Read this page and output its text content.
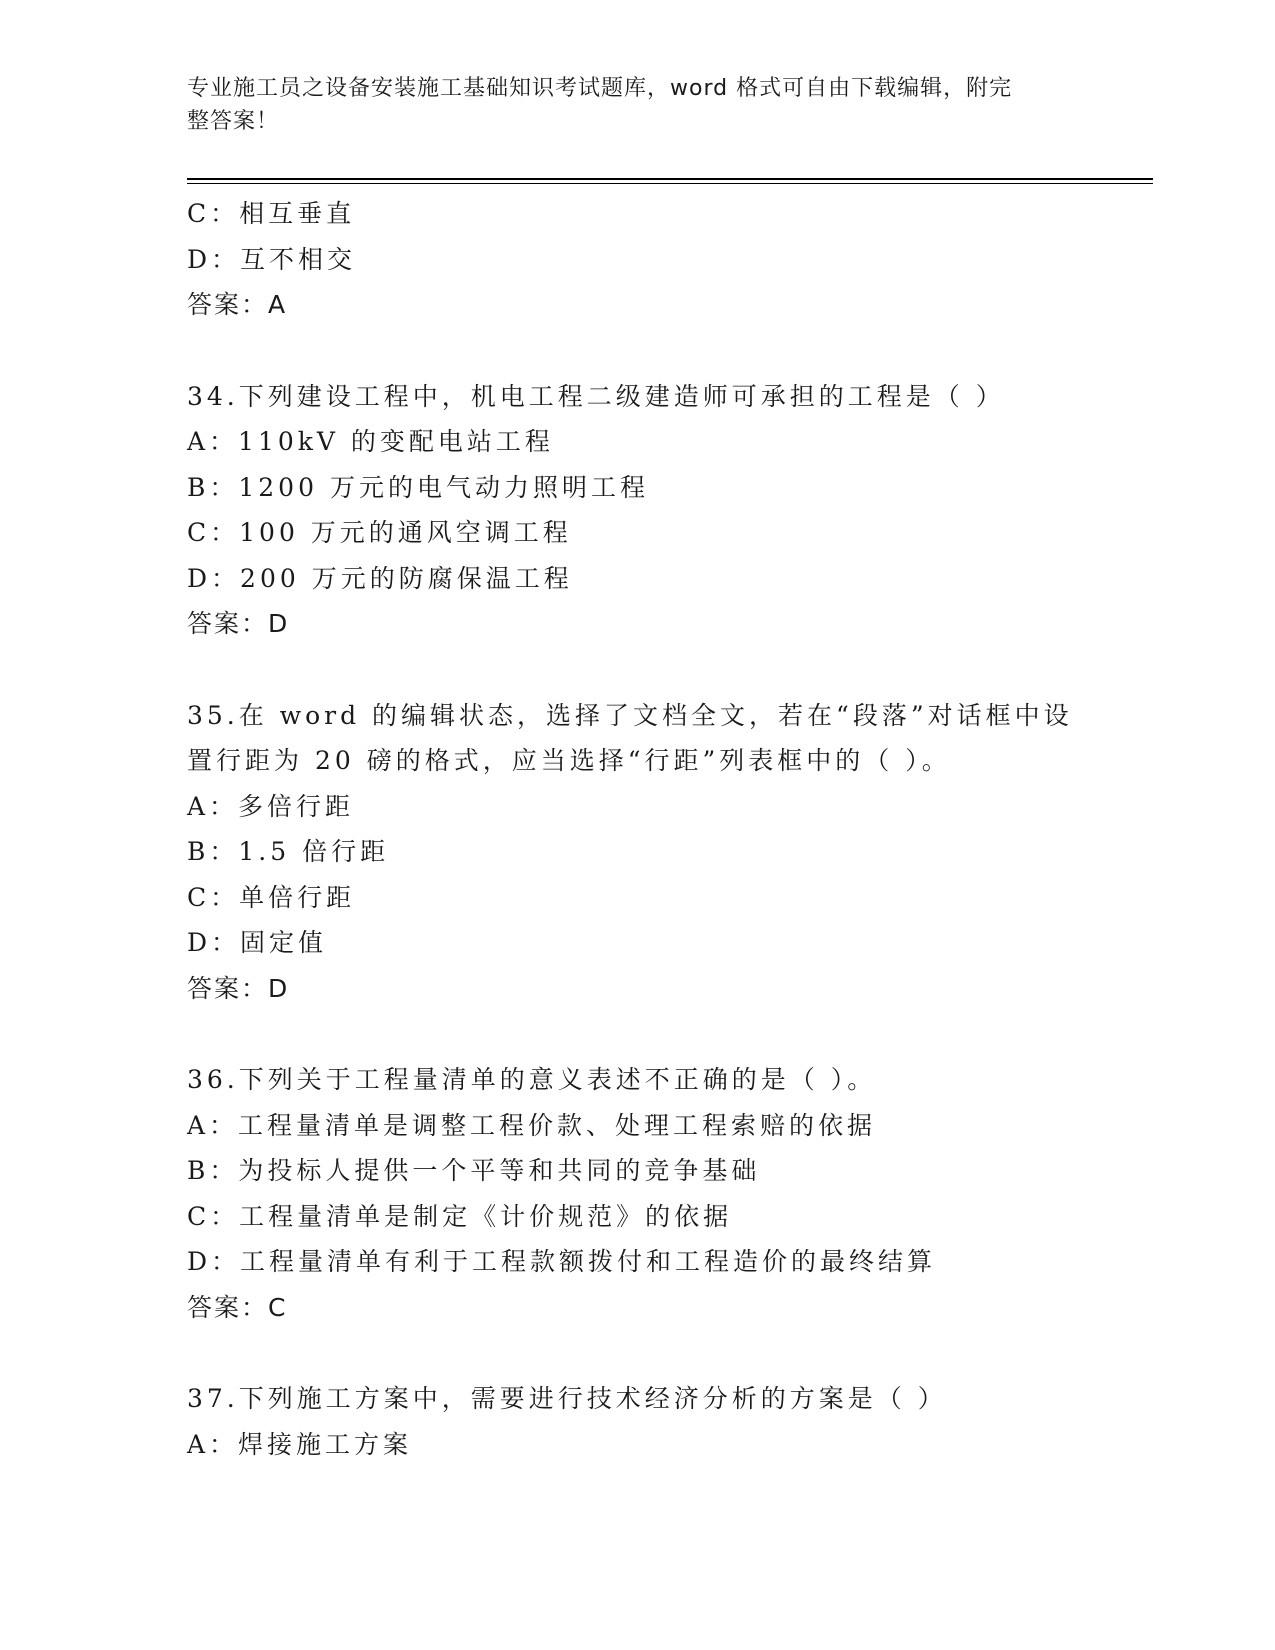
专业施工员之设备安装施工基础知识考试题库，word 格式可自由下载编辑，附完
整答案！
C：相互垂直
D：互不相交
答案：A
34.下列建设工程中，机电工程二级建造师可承担的工程是（ ）
A：110kV 的变配电站工程
B：1200 万元的电气动力照明工程
C：100 万元的通风空调工程
D：200 万元的防腐保温工程
答案：D
35.在 word 的编辑状态，选择了文档全文，若在“段落”对话框中设
置行距为 20 磅的格式，应当选择“行距”列表框中的（ ）。
A：多倍行距
B：1.5 倍行距
C：单倍行距
D：固定值
答案：D
36.下列关于工程量清单的意义表述不正确的是（ ）。
A：工程量清单是调整工程价款、处理工程索赔的依据
B：为投标人提供一个平等和共同的竞争基础
C：工程量清单是制定《计价规范》的依据
D：工程量清单有利于工程款额拨付和工程造价的最终结算
答案：C
37.下列施工方案中，需要进行技术经济分析的方案是（ ）
A：焊接施工方案
